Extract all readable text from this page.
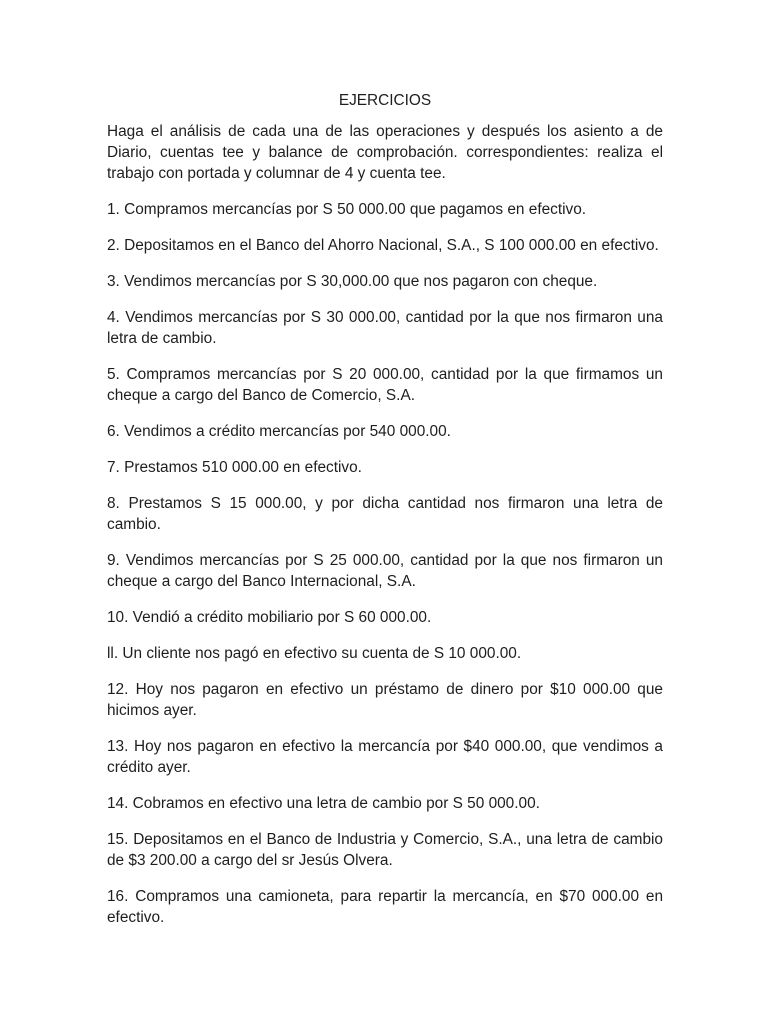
EJERCICIOS

Haga el análisis de cada una de las operaciones y después los asiento a de Diario, cuentas tee y balance de comprobación. correspondientes: realiza el trabajo con portada y columnar de 4 y cuenta tee.

1. Compramos mercancías por S 50 000.00 que pagamos en efectivo.

2. Depositamos en el Banco del Ahorro Nacional, S.A., S 100 000.00 en efectivo.

3. Vendimos mercancías por S 30,000.00 que nos pagaron con cheque.

4. Vendimos mercancías por S 30 000.00, cantidad por la que nos firmaron una letra de cambio.

5. Compramos mercancías por S 20 000.00, cantidad por la que firmamos un cheque a cargo del Banco de Comercio, S.A.

6. Vendimos a crédito mercancías por 540 000.00.

7. Prestamos 510 000.00 en efectivo.

8. Prestamos S 15 000.00, y por dicha cantidad nos firmaron una letra de cambio.

9. Vendimos mercancías por S 25 000.00, cantidad por la que nos firmaron un cheque a cargo del Banco Internacional, S.A.

10. Vendió a crédito mobiliario por S 60 000.00.

ll. Un cliente nos pagó en efectivo su cuenta de S 10 000.00.

12. Hoy nos pagaron en efectivo un préstamo de dinero por $10 000.00 que hicimos ayer.

13. Hoy nos pagaron en efectivo la mercancía por $40 000.00, que vendimos a crédito ayer.

14. Cobramos en efectivo una letra de cambio por S 50 000.00.

15. Depositamos en el Banco de Industria y Comercio, S.A., una letra de cambio de $3 200.00 a cargo del sr Jesús Olvera.

16. Compramos una camioneta, para repartir la mercancía, en $70 000.00 en efectivo.
